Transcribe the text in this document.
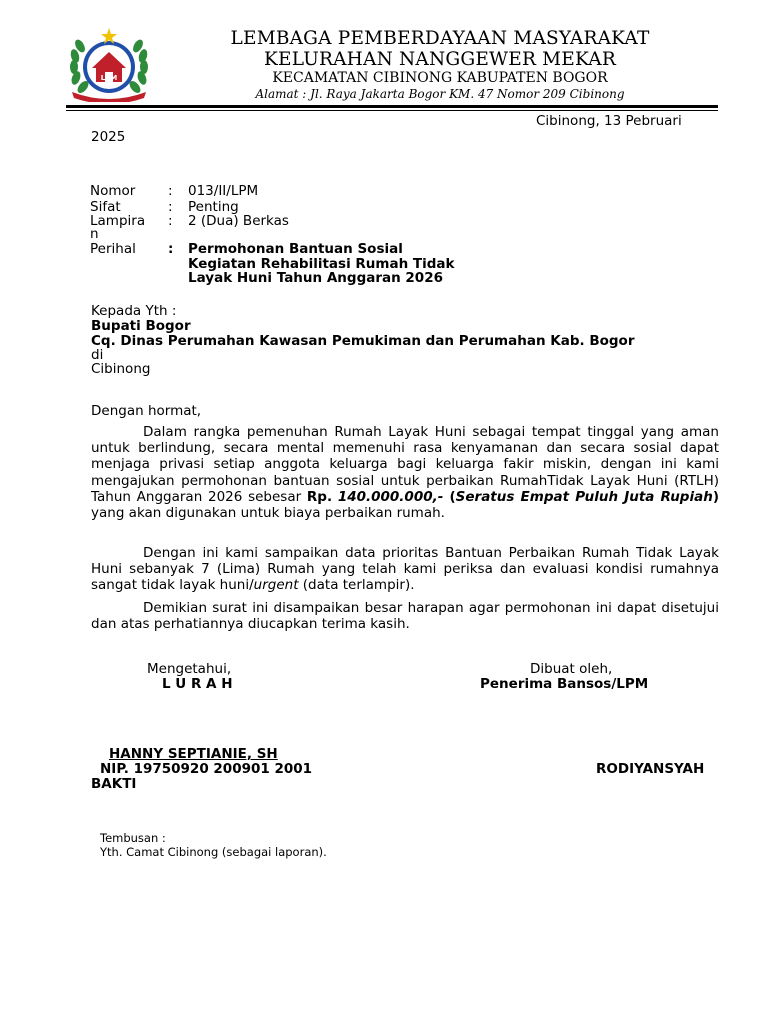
LPM
LEMBAGA PEMBERDAYAAN MASYARAKAT
KELURAHAN NANGGEWER MEKAR
KECAMATAN CIBINONG KABUPATEN BOGOR
Alamat : Jl. Raya Jakarta Bogor KM. 47 Nomor 209 Cibinong
Cibinong, 13 Pebruari
2025
Nomor : 013/II/LPM
Sifat	: Penting
Lampira
n
: 2 (Dua) Berkas
Perihal : Permohonan Bantuan Sosial
Kegiatan Rehabilitasi Rumah Tidak
Layak Huni Tahun Anggaran 2026
Kepada Yth :
Bupati Bogor
Cq. Dinas Perumahan Kawasan Pemukiman dan Perumahan Kab. Bogor
di
Cibinong
Dengan hormat,

Dalam rangka pemenuhan Rumah Layak Huni sebagai tempat tinggal yang aman untuk berlindung, secara mental memenuhi rasa kenyamanan dan secara sosial dapat menjaga privasi setiap anggota keluarga bagi keluarga fakir miskin, dengan ini kami mengajukan permohonan bantuan sosial untuk perbaikan RumahTidak Layak Huni (RTLH) Tahun Anggaran 2026 sebesar Rp. 140.000.000,- (Seratus Empat Puluh Juta Rupiah) yang akan digunakan untuk biaya perbaikan rumah.

Dengan ini kami sampaikan data prioritas Bantuan Perbaikan Rumah Tidak Layak Huni sebanyak 7 (Lima) Rumah yang telah kami periksa dan evaluasi kondisi rumahnya sangat tidak layak huni/urgent (data terlampir).

Demikian surat ini disampaikan besar harapan agar permohonan ini dapat disetujui dan atas perhatiannya diucapkan terima kasih.

Mengetahui,
L U R A H
Dibuat oleh,
Penerima Bansos/LPM
HANNY SEPTIANIE, SH
NIP. 19750920 200901 2001	RODIYANSYAH
BAKTI
Tembusan :
Yth. Camat Cibinong (sebagai laporan).
